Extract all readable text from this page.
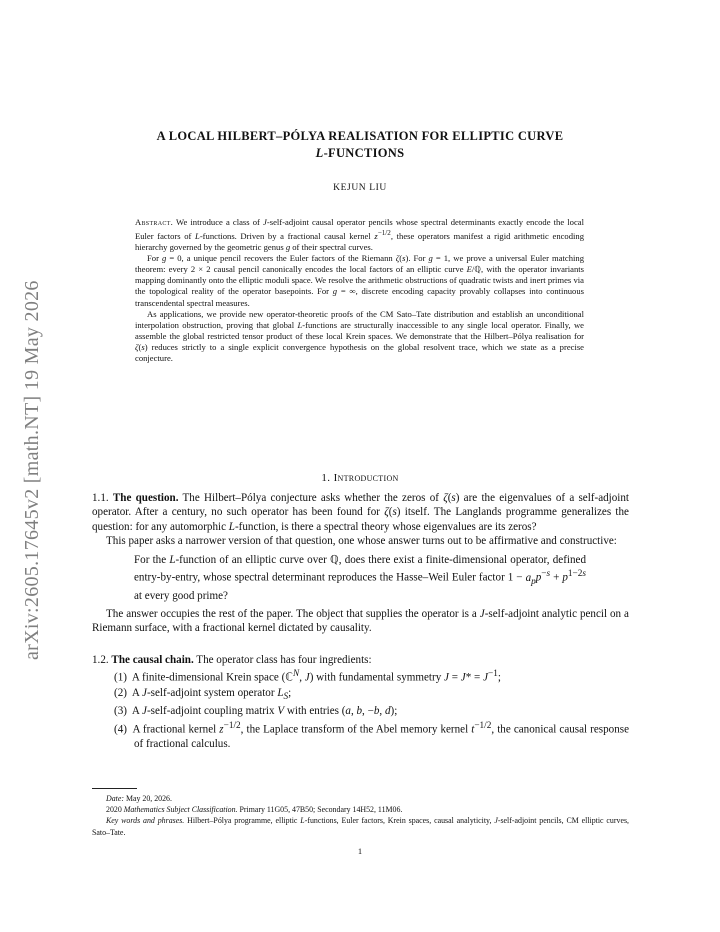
arXiv:2605.17645v2 [math.NT] 19 May 2026
A LOCAL HILBERT–PÓLYA REALISATION FOR ELLIPTIC CURVE
L-FUNCTIONS
KEJUN LIU

Abstract. We introduce a class of J-self-adjoint causal operator pencils whose spectral determinants exactly encode the local Euler factors of L-functions. Driven by a fractional causal kernel $z^{-1/2}$, these operators manifest a rigid arithmetic encoding hierarchy governed by the geometric genus g of their spectral curves.

For g = 0, a unique pencil recovers the Euler factors of the Riemann ζ(s). For g = 1, we prove a universal Euler matching theorem: every 2 × 2 causal pencil canonically encodes the local factors of an elliptic curve E/ℚ, with the operator invariants mapping dominantly onto the elliptic moduli space. We resolve the arithmetic obstructions of quadratic twists and inert primes via the topological reality of the operator basepoints. For g = ∞, discrete encoding capacity provably collapses into continuous transcendental spectral measures.

As applications, we provide new operator-theoretic proofs of the CM Sato–Tate distribution and establish an unconditional interpolation obstruction, proving that global L-functions are structurally inaccessible to any single local operator. Finally, we assemble the global restricted tensor product of these local Krein spaces. We demonstrate that the Hilbert–Pólya realisation for ζ(s) reduces strictly to a single explicit convergence hypothesis on the global resolvent trace, which we state as a precise conjecture.

1. Introduction

1.1. The question. The Hilbert–Pólya conjecture asks whether the zeros of ζ(s) are the eigenvalues of a self-adjoint operator. After a century, no such operator has been found for ζ(s) itself. The Langlands programme generalizes the question: for any automorphic L-function, is there a spectral theory whose eigenvalues are its zeros?

This paper asks a narrower version of that question, one whose answer turns out to be affirmative and constructive:

For the L-function of an elliptic curve over ℚ, does there exist a finite-dimensional operator, defined entry-by-entry, whose spectral determinant reproduces the Hasse–Weil Euler factor $1 - a_pp^{-s} + p^{1-2s}$ at every good prime?

The answer occupies the rest of the paper. The object that supplies the operator is a J-self-adjoint analytic pencil on a Riemann surface, with a fractional kernel dictated by causality.

1.2. The causal chain. The operator class has four ingredients:

(1)  A finite-dimensional Krein space (ℂ$^N$, J) with fundamental symmetry $J = J* = J^{-1}$;
(2)  A J-self-adjoint system operator $L_S$;
(3)  A J-self-adjoint coupling matrix V with entries (a, b, −b, d);
(4)  A fractional kernel $z^{-1/2}$, the Laplace transform of the Abel memory kernel $t^{-1/2}$, the canonical causal response of fractional calculus.

Date: May 20, 2026.

2020 Mathematics Subject Classification. Primary 11G05, 47B50; Secondary 14H52, 11M06.

Key words and phrases. Hilbert–Pólya programme, elliptic L-functions, Euler factors, Krein spaces, causal analyticity, J-self-adjoint pencils, CM elliptic curves, Sato–Tate.

1
